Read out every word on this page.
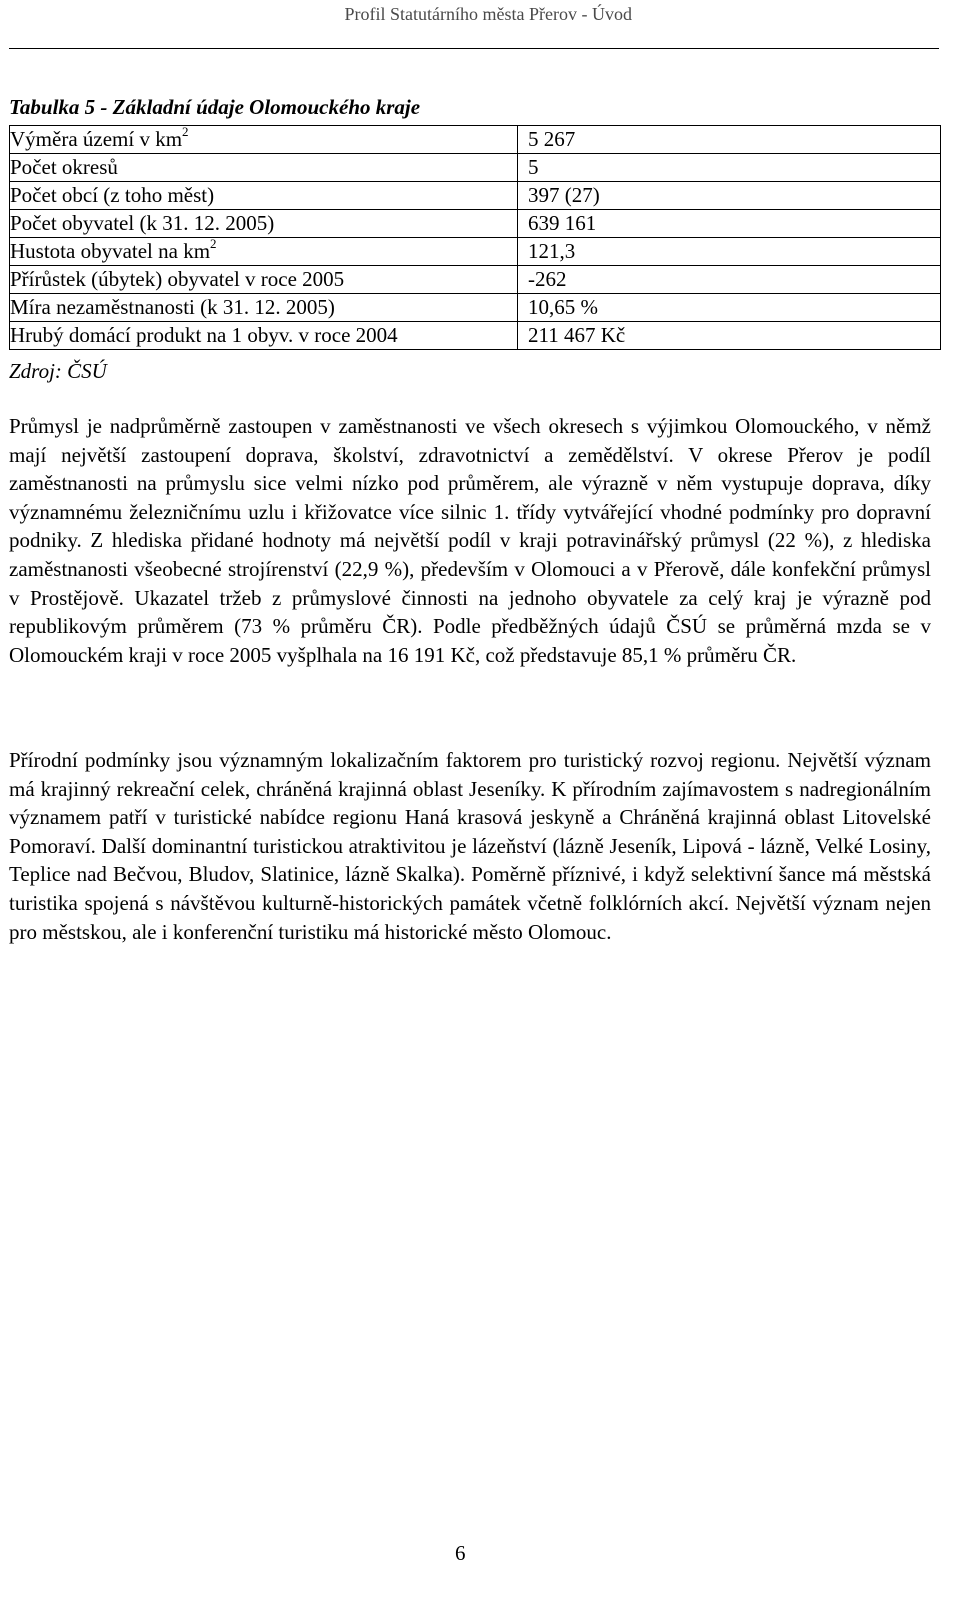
Profil Statutárního města Přerov - Úvod
Tabulka 5 - Základní údaje Olomouckého kraje
Výměra území v $km^2$	5 267
Počet okresů	5
Počet obcí (z toho měst)	397 (27)
Počet obyvatel (k 31. 12. 2005)	639 161
Hustota obyvatel na $km^2$	121,3
Přírůstek (úbytek) obyvatel v roce 2005	-262
Míra nezaměstnanosti (k 31. 12. 2005)	10,65 %
Hrubý domácí produkt na 1 obyv. v roce 2004	211 467 Kč
Zdroj: ČSÚ

Průmysl je nadprůměrně zastoupen v zaměstnanosti ve všech okresech s výjimkou Olomouckého, v němž mají největší zastoupení doprava, školství, zdravotnictví a zemědělství. V okrese Přerov je podíl zaměstnanosti na průmyslu sice velmi nízko pod průměrem, ale výrazně v něm vystupuje doprava, díky významnému železničnímu uzlu i křižovatce více silnic 1. třídy vytvářející vhodné podmínky pro dopravní podniky. Z hlediska přidané hodnoty má největší podíl v kraji potravinářský průmysl (22 %), z hlediska zaměstnanosti všeobecné strojírenství (22,9 %), především v Olomouci a v Přerově, dále konfekční průmysl v Prostějově. Ukazatel tržeb z průmyslové činnosti na jednoho obyvatele za celý kraj je výrazně pod republikovým průměrem (73 % průměru ČR). Podle předběžných údajů ČSÚ se průměrná mzda se v Olomouckém kraji v roce 2005 vyšplhala na 16 191 Kč, což představuje 85,1 % průměru ČR.

Přírodní podmínky jsou významným lokalizačním faktorem pro turistický rozvoj regionu. Největší význam má krajinný rekreační celek, chráněná krajinná oblast Jeseníky. K přírodním zajímavostem s nadregionálním významem patří v turistické nabídce regionu Haná krasová jeskyně a Chráněná krajinná oblast Litovelské Pomoraví. Další dominantní turistickou atraktivitou je lázeňství (lázně Jeseník, Lipová - lázně, Velké Losiny, Teplice nad Bečvou, Bludov, Slatinice, lázně Skalka). Poměrně příznivé, i když selektivní šance má městská turistika spojená s návštěvou kulturně-historických památek včetně folklórních akcí. Největší význam nejen pro městskou, ale i konferenční turistiku má historické město Olomouc.

6
